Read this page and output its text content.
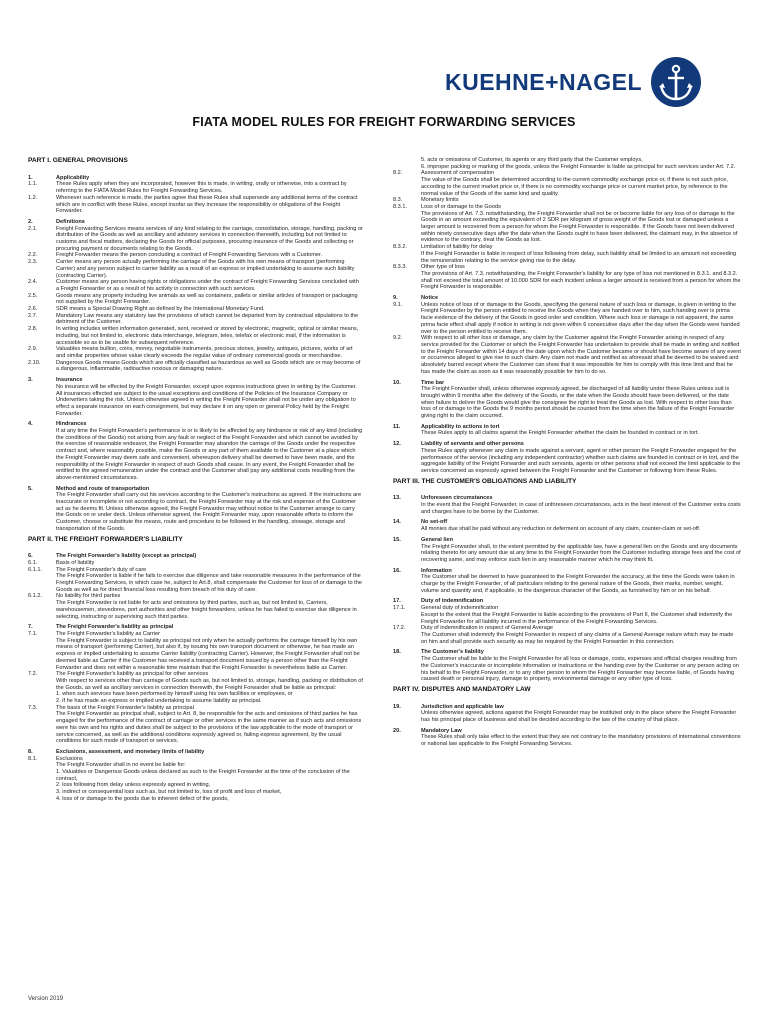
KUEHNE+NAGEL
FIATA MODEL RULES FOR FREIGHT FORWARDING SERVICES
PART I. GENERAL PROVISIONS
1.	Applicability
1.1.	These Rules apply when they are incorporated, however this is made, in writing, orally or otherwise, into a contract by referring to the FIATA Model Rules for Freight Forwarding Services.
1.2.	Whenever such reference is made, the parties agree that these Rules shall supersede any additional terms of the contract which are in conflict with these Rules, except insofar as they increase the responsibility or obligations of the Freight Forwarder.
2.	Definitions
2.1.	Freight Forwarding Services means services of any kind relating to the carriage, consolidation, storage, handling, packing or distribution of the Goods as well as ancillary and advisory services in connection therewith, including but not limited to customs and fiscal matters, declaring the Goods for official purposes, procuring insurance of the Goods and collecting or procuring payment or documents relating to the Goods.
2.2.	Freight Forwarder means the person concluding a contract of Freight Forwarding Services with a Customer.
2.3.	Carrier means any person actually performing the carriage of the Goods with his own means of transport (performing Carrier) and any person subject to carrier liability as a result of an express or implied undertaking to assume such liability (contracting Carrier).
2.4.	Customer means any person having rights or obligations under the contract of Freight Forwarding Services concluded with a Freight Forwarder or as a result of his activity in connection with such services.
2.5.	Goods means any property including live animals as well as containers, pallets or similar articles of transport or packaging not supplied by the Freight Forwarder.
2.6.	SDR means a Special Drawing Right as defined by the International Monetary Fund.
2.7.	Mandatory Law means any statutory law the provisions of which cannot be departed from by contractual stipulations to the detriment of the Customer.
2.8.	In writing includes written information generated, sent, received or stored by electronic, magnetic, optical or similar means, including, but not limited to, electronic data interchange, telegram, telex, telefax or electronic mail, if the information is accessible so as to be usable for subsequent reference.
2.9.	Valuables means bullion, coins, money, negotiable instruments, precious stones, jewelry, antiques, pictures, works of art and similar properties whose value clearly exceeds the regular value of ordinary commercial goods or merchandise.
2.10.	Dangerous Goods means Goods which are officially classified as hazardous as well as Goods which are or may become of a dangerous, inflammable, radioactive noxious or damaging nature.
3.	Insurance
No insurance will be effected by the Freight Forwarder, except upon express instructions given in writing by the Customer. All insurances effected are subject to the usual exceptions and conditions of the Policies of the Insurance Company or Underwriters taking the risk. Unless otherwise agreed in writing the Freight Forwarder shall not be under any obligation to effect a separate insurance on each consignment, but may declare it on any open or general Policy held by the Freight Forwarder.
4.	Hindrances
If at any time the Freight Forwarder's performance is or is likely to be affected by any hindrance or risk of any kind (including the conditions of the Goods) not arising from any fault or neglect of the Freight Forwarder and which cannot be avoided by the exercise of reasonable endeavor, the Freight Forwarder may abandon the carriage of the Goods under the respective contract and, where reasonably possible, make the Goods or any part of them available to the Customer at a place which the Freight Forwarder may deem safe and convenient, whereupon delivery shall be deemed to have been made, and the responsibility of the Freight Forwarder in respect of such Goods shall cease. In any event, the Freight Forwarder shall be entitled to the agreed remuneration under the contract and the Customer shall pay any additional costs resulting from the above-mentioned circumstances.
5.	Method and route of transportation
The Freight Forwarder shall carry out his services according to the Customer's instructions as agreed. If the instructions are inaccurate or incomplete or not according to contract, the Freight Forwarder may at the risk and expense of the Customer act as he deems fit. Unless otherwise agreed, the Freight Forwarder may without notice to the Customer arrange to carry the Goods on or under deck. Unless otherwise agreed, the Freight Forwarder may, upon reasonable efforts to inform the Customer, choose or substitute the means, route and procedure to be followed in the handling, stowage, storage and transportation of the Goods.
PART II. THE FREIGHT FORWARDER'S LIABILITY
6.	The Freight Forwarder's liability (except as principal)
6.1.	Basis of liability
6.1.1.	The Freight Forwarder's duty of care
The Freight Forwarder is liable if he fails to exercise due diligence and take reasonable measures in the performance of the Freight Forwarding Services, in which case he, subject to Art.8, shall compensate the Customer for loss of or damage to the Goods as well as for direct financial loss resulting from breach of his duty of care.
6.1.2.	No liability for third parties
The Freight Forwarder is not liable for acts and omissions by third parties, such as, but not limited to, Carriers, warehousemen, stevedores, port authorities and other freight forwarders, unless he has failed to exercise due diligence in selecting, instructing or supervising such third parties.
7.	The Freight Forwarder's liability as principal
7.1.	The Freight Forwarder's liability as Carrier
The Freight Forwarder is subject to liability as principal not only when he actually performs the carriage himself by his own means of transport (performing Carrier), but also if, by issuing his own transport document or otherwise, he has made an express or implied undertaking to assume Carrier liability (contracting Carrier). However, the Freight Forwarder shall not be deemed liable as Carrier if the Customer has received a transport document issued by a person other than the Freight Forwarder and does not within a reasonable time maintain that the Freight Forwarder is nevertheless liable as Carrier.
7.2.	The Freight Forwarder's liability as principal for other services
With respect to services other than carriage of Goods such as, but not limited to, storage, handling, packing or distribution of the Goods, as well as ancillary services in connection therewith, the Freight Forwarder shall be liable as principal:
1. when such services have been performed by himself using his own facilities or employees, or
2. if he has made an express or implied undertaking to assume liability as principal.
7.3.	The basis of the Freight Forwarder's liability as principal
The Freight Forwarder as principal shall, subject to Art. 8, be responsible for the acts and omissions of third parties he has engaged for the performance of the contract of carriage or other services in the same manner as if such acts and omissions were his own and his rights and duties shall be subject to the provisions of the law applicable to the mode of transport or service concerned, as well as the additional conditions expressly agreed or, failing express agreement, by the usual conditions for such mode of transport or services.
8.	Exclusions, assessment, and monetary limits of liability
8.1.	Exclusions
The Freight Forwarder shall in no event be liable for:
1. Valuables or Dangerous Goods unless declared as such to the Freight Forwarder at the time of the conclusion of the contract,
2. loss following from delay unless expressly agreed in writing,
3. indirect or consequential loss such as, but not limited to, loss of profit and loss of market,
4. loss of or damage to the goods due to inherent defect of the goods,
5. acts or omissions of Customer, its agents or any third party that the Customer employs,
6. improper packing or marking of the goods, unless the Freight Forwarder is liable as principal for such services under Art. 7.2.
8.2.	Assessment of compensation
The value of the Goods shall be determined according to the current commodity exchange price or, if there is not such price, according to the current market price or, if there is no commodity exchange price or current market price, by reference to the normal value of the Goods of the same kind and quality.
8.3.	Monetary limits
8.3.1.	Loss of or damage to the Goods
The provisions of Art. 7.3. notwithstanding, the Freight Forwarder shall not be or become liable for any loss of or damage to the Goods in an amount exceeding the equivalent of 2 SDR per kilogram of gross weight of the Goods lost or damaged unless a larger amount is recovered from a person for whom the Freight Forwarder is responsible. If the Goods have not been delivered within ninety consecutive days after the date when the Goods ought to have been delivered, the claimant may, in the absence of evidence to the contrary, treat the Goods as lost.
8.3.2.	Limitation of liability for delay
If the Freight Forwarder is liable in respect of loss following from delay, such liability shall be limited to an amount not exceeding the remuneration relating to the service giving rise to the delay.
8.3.3.	Other type of loss
The provisions of Art. 7.3. notwithstanding, the Freight Forwarder's liability for any type of loss not mentioned in 8.3.1. and 8.3.2. shall not exceed the total amount of 10.000 SDR for each incident unless a larger amount is received from a person for whom the Freight Forwarder is responsible.
9.	Notice
9.1.	Unless notice of loss of or damage to the Goods, specifying the general nature of such loss or damage, is given in writing to the Freight Forwarder by the person entitled to receive the Goods when they are handed over to him, such handing over is prima facie evidence of the delivery of the Goods in good order and condition. Where such loss or damage is not apparent, the same prima facie effect shall apply if notice in writing is not given within 6 consecutive days after the day when the Goods were handed over to the person entitled to receive them.
9.2.	With respect to all other loss or damage, any claim by the Customer against the Freight Forwarder arising in respect of any service provided for the Customer or which the Freight Forwarder has undertaken to provide shall be made in writing and notified to the Freight Forwarder within 14 days of the date upon which the Customer became or should have become aware of any event or occurrence alleged to give rise to such claim. Any claim not made and notified as aforesaid shall be deemed to be waived and absolutely barred except where the Customer can show that it was impossible for him to comply with this time limit and that he has made the claim as soon as it was reasonably possible for him to do so.
10.	Time bar
The Freight Forwarder shall, unless otherwise expressly agreed, be discharged of all liability under these Rules unless suit is brought within 9 months after the delivery of the Goods, or the date when the Goods should have been delivered, or the date when failure to deliver the Goods would give the consignee the right to treat the Goods as lost. With respect to other loss than loss of or damage to the Goods the 9 months period should be counted from the time when the failure of the Freight Forwarder giving right to the claim occurred.
11.	Applicability to actions in tort
These Rules apply to all claims against the Freight Forwarder whether the claim be founded in contract or in tort.
12.	Liability of servants and other persons
These Rules apply whenever any claim is made against a servant, agent or other person the Freight Forwarder engaged for the performance of the service (including any independent contractor) whether such claims are founded in contract or in tort, and the aggregate liability of the Freight Forwarder and such servants, agents or other persons shall not exceed the limit applicable to the service concerned as expressly agreed between the Freight Forwarder and the Customer or following from these Rules.
PART III. THE CUSTOMER'S OBLIGATIONS AND LIABILITY
13.	Unforeseen circumstances
In the event that the Freight Forwarder, in case of unforeseen circumstances, acts in the best interest of the Customer extra costs and charges have to be borne by the Customer.
14.	No set-off
All monies due shall be paid without any reduction or deferment on account of any claim, counter-claim or set-off.
15.	General lien
The Freight Forwarder shall, to the extent permitted by the applicable law, have a general lien on the Goods and any documents relating thereto for any amount due at any time to the Freight Forwarder from the Customer including storage fees and the cost of recovering same, and may enforce such lien in any reasonable manner which he may think fit.
16.	Information
The Customer shall be deemed to have guaranteed to the Freight Forwarder the accuracy, at the time the Goods were taken in charge by the Freight Forwarder, of all particulars relating to the general nature of the Goods, their marks, number, weight, volume and quantity and, if applicable, to the dangerous character of the Goods, as furnished by him or on his behalf.
17.	Duty of indemnification
17.1.	General duty of indemnification
Except to the extent that the Freight Forwarder is liable according to the provisions of Part II, the Customer shall indemnify the Freight Forwarder for all liability incurred in the performance of the Freight Forwarding Services.
17.2.	Duty of indemnification in respect of General Average
The Customer shall indemnify the Freight Forwarder in respect of any claims of a General Average nature which may be made on him and shall provide such security as may be required by the Freight Forwarder in this connection.
18.	The Customer's liability
The Customer shall be liable to the Freight Forwarder for all loss or damage, costs, expenses and official charges resulting from the Customer's inaccurate or incomplete information or instructions or the handing over by the Customer or any person acting on his behalf to the Freight Forwarder, or to any other person to whom the Freight Forwarder may become liable, of Goods having caused death or personal injury, damage to property, environmental damage or any other type of loss.
PART IV. DISPUTES AND MANDATORY LAW
19.	Jurisdiction and applicable law
Unless otherwise agreed, actions against the Freight Forwarder may be instituted only in the place where the Freight Forwarder has his principal place of business and shall be decided according to the law of the country of that place.
20.	Mandatory Law
These Rules shall only take effect to the extent that they are not contrary to the mandatory provisions of international conventions or national law applicable to the Freight Forwarding Services.
Version 2019
